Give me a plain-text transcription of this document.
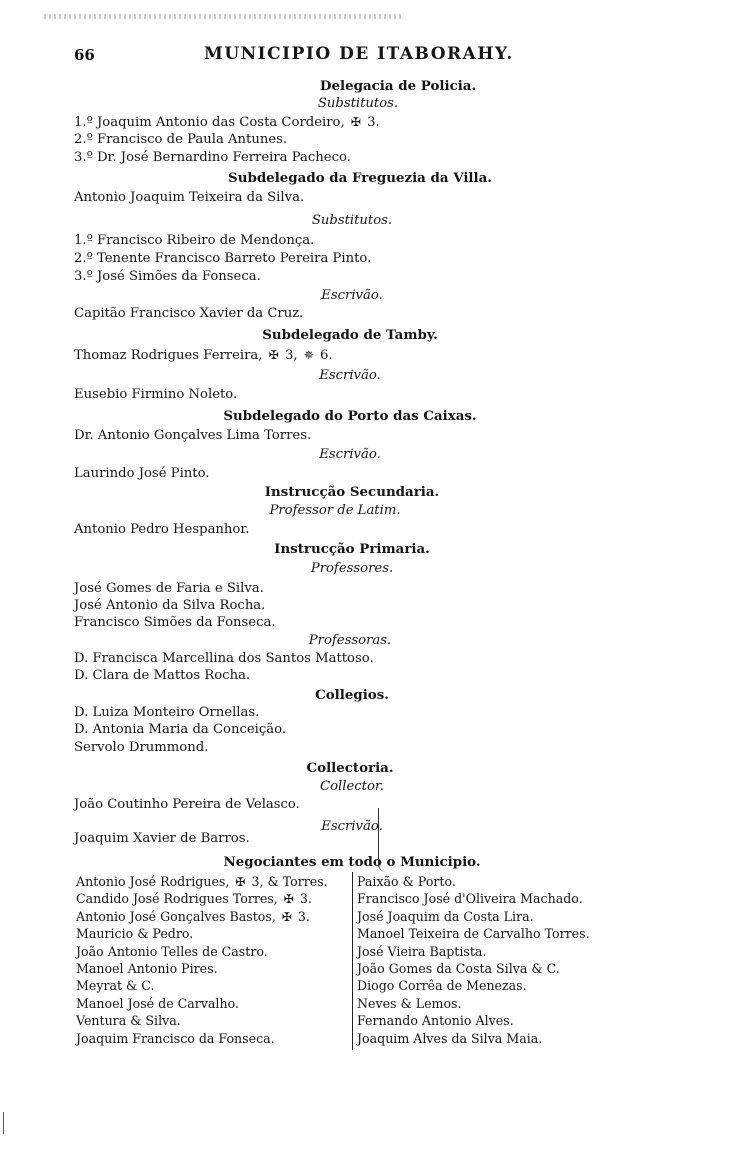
66	MUNICIPIO DE ITABORAHY.
Delegacia de Policia.
Substitutos.
1.º Joaquim Antonio das Costa Cordeiro, ✠ 3.
2.º Francisco de Paula Antunes.
3.º Dr. José Bernardino Ferreira Pacheco.
Subdelegado da Freguezia da Villa.
Antonio Joaquim Teixeira da Silva.
Substitutos.
1.º Francisco Ribeiro de Mendonça.
2.º Tenente Francisco Barreto Pereira Pinto.
3.º José Simões da Fonseca.
Escrivão.
Capitão Francisco Xavier da Cruz.
Subdelegado de Tamby.
Thomaz Rodrigues Ferreira, ✠ 3, ✵ 6.
Escrivão.
Eusebio Firmino Noleto.
Subdelegado do Porto das Caixas.
Dr. Antonio Gonçalves Lima Torres.
Escrivão.
Laurindo José Pinto.
Instrucção Secundaria.
Professor de Latim.
Antonio Pedro Hespanhor.
Instrucção Primaria.
Professores.
José Gomes de Faria e Silva.
José Antonio da Silva Rocha.
Francisco Simões da Fonseca.
Professoras.
D. Francisca Marcellina dos Santos Mattoso.
D. Clara de Mattos Rocha.
Collegios.
D. Luiza Monteiro Ornellas.
D. Antonia Maria da Conceição.
Servolo Drummond.
Collectoria.
Collector.
João Coutinho Pereira de Velasco.
Escrivão.
Joaquim Xavier de Barros.
Negociantes em todo o Municipio.
Antonio José Rodrigues, ✠ 3, & Torres.
Candido José Rodrigues Torres, ✠ 3.
Antonio José Gonçalves Bastos, ✠ 3.
Mauricio & Pedro.
João Antonio Telles de Castro.
Manoel Antonio Pires.
Meyrat & C.
Manoel José de Carvalho.
Ventura & Silva.
Joaquim Francisco da Fonseca.
Paixão & Porto.
Francisco José d'Oliveira Machado.
José Joaquim da Costa Lira.
Manoel Teixeira de Carvalho Torres.
José Vieira Baptista.
João Gomes da Costa Silva & C.
Diogo Corrêa de Menezas.
Neves & Lemos.
Fernando Antonio Alves.
Joaquim Alves da Silva Maia.
